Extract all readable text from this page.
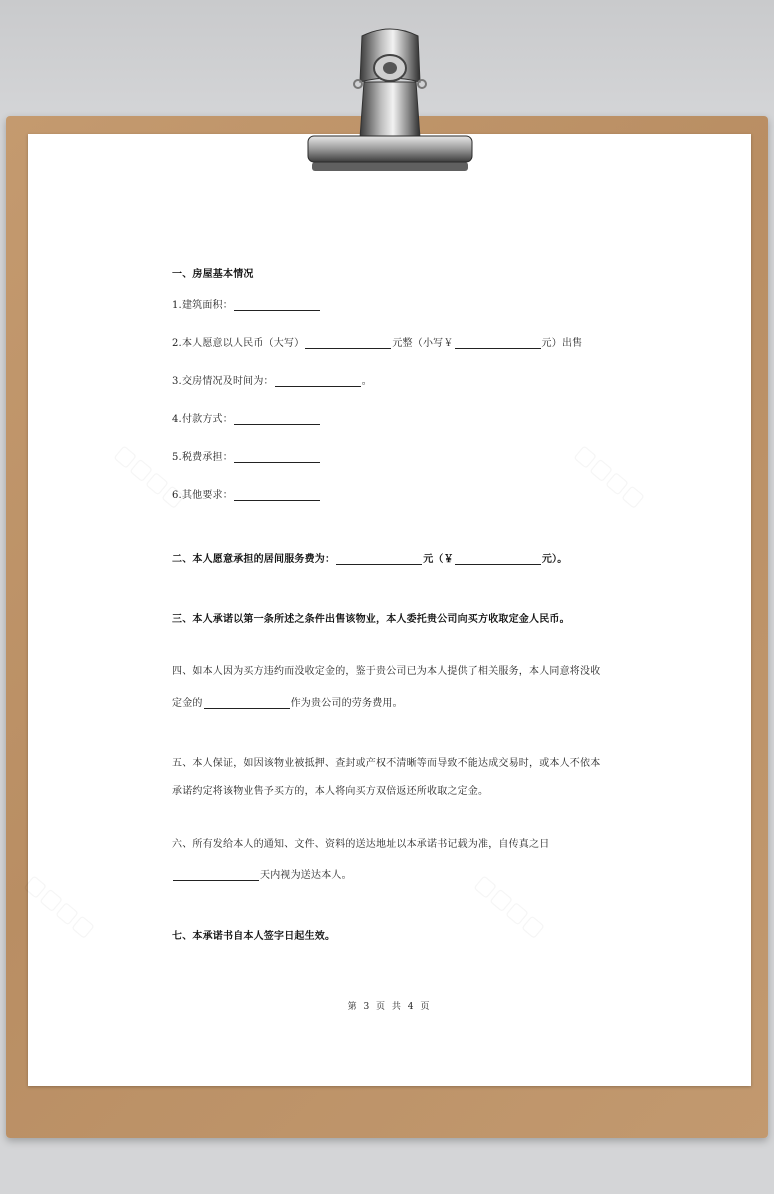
一、房屋基本情况
1.建筑面积：
2.本人愿意以人民币（大写）	元整（小写￥	元）出售
3.交房情况及时间为：	。
4.付款方式：
5.税费承担：
6.其他要求：
二、本人愿意承担的居间服务费为：	元（￥	元）。
三、本人承诺以第一条所述之条件出售该物业，本人委托贵公司向买方收取定金人民币。
四、如本人因为买方违约而没收定金的，鉴于贵公司已为本人提供了相关服务，本人同意将没收
定金的	作为贵公司的劳务费用。
五、本人保证，如因该物业被抵押、查封或产权不清晰等而导致不能达成交易时，或本人不依本
承诺约定将该物业售予买方的，本人将向买方双倍返还所收取之定金。
六、所有发给本人的通知、文件、资料的送达地址以本承诺书记载为准，自传真之日
天内视为送达本人。
七、本承诺书自本人签字日起生效。
第 3 页 共 4 页
